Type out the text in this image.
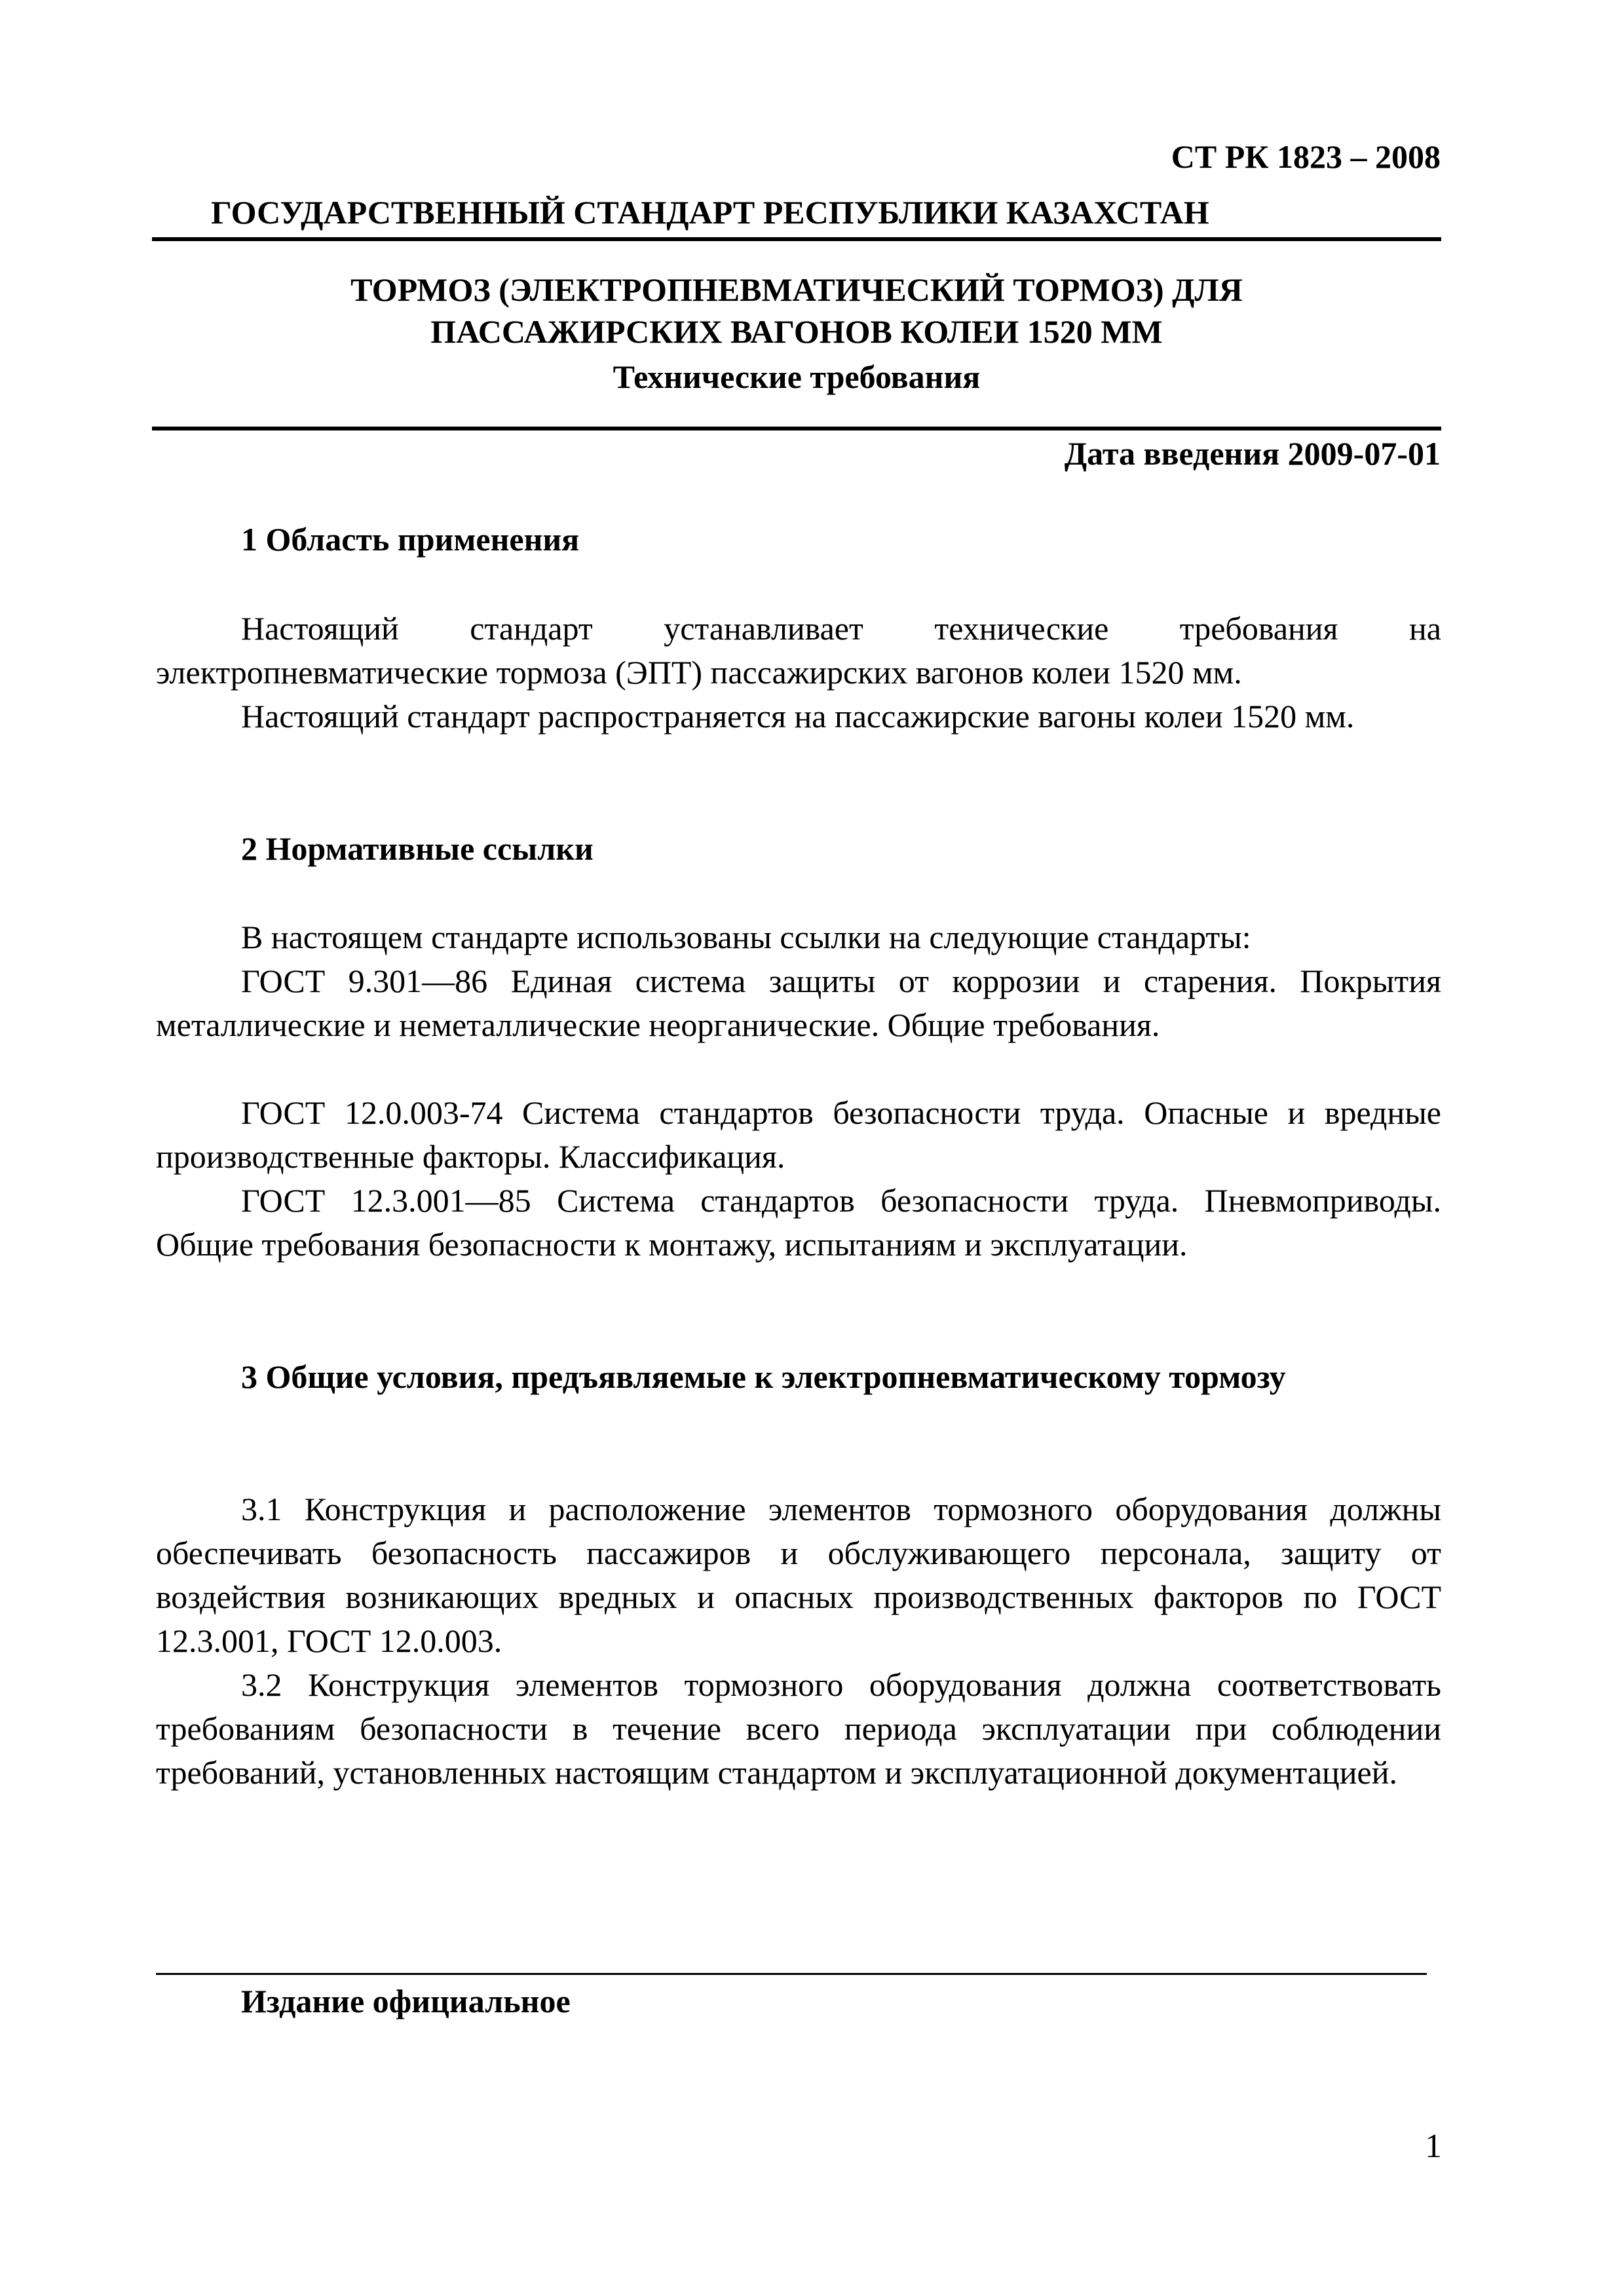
СТ РК 1823 – 2008
ГОСУДАРСТВЕННЫЙ СТАНДАРТ РЕСПУБЛИКИ КАЗАХСТАН
ТОРМОЗ (ЭЛЕКТРОПНЕВМАТИЧЕСКИЙ ТОРМОЗ) ДЛЯ
ПАССАЖИРСКИХ ВАГОНОВ КОЛЕИ 1520 ММ
Технические требования
Дата введения 2009-07-01
1 Область применения
Настоящий стандарт устанавливает технические требования на электропневматические тормоза (ЭПТ) пассажирских вагонов колеи 1520 мм.
Настоящий стандарт распространяется на пассажирские вагоны колеи 1520 мм.
2 Нормативные ссылки
В настоящем стандарте использованы ссылки на следующие стандарты:
ГОСТ 9.301—86 Единая система защиты от коррозии и старения. Покрытия металлические и неметаллические неорганические. Общие требования.
ГОСТ 12.0.003-74 Система стандартов безопасности труда. Опасные и вредные производственные факторы. Классификация.
ГОСТ 12.3.001—85 Система стандартов безопасности труда. Пневмоприводы. Общие требования безопасности к монтажу, испытаниям и эксплуатации.
3 Общие условия, предъявляемые к электропневматическому тормозу
3.1 Конструкция и расположение элементов тормозного оборудования должны обеспечивать безопасность пассажиров и обслуживающего персонала, защиту от воздействия возникающих вредных и опасных производственных факторов по ГОСТ 12.3.001, ГОСТ 12.0.003.
3.2 Конструкция элементов тормозного оборудования должна соответствовать требованиям безопасности в течение всего периода эксплуатации при соблюдении требований, установленных настоящим стандартом и эксплуатационной документацией.
Издание официальное
1
